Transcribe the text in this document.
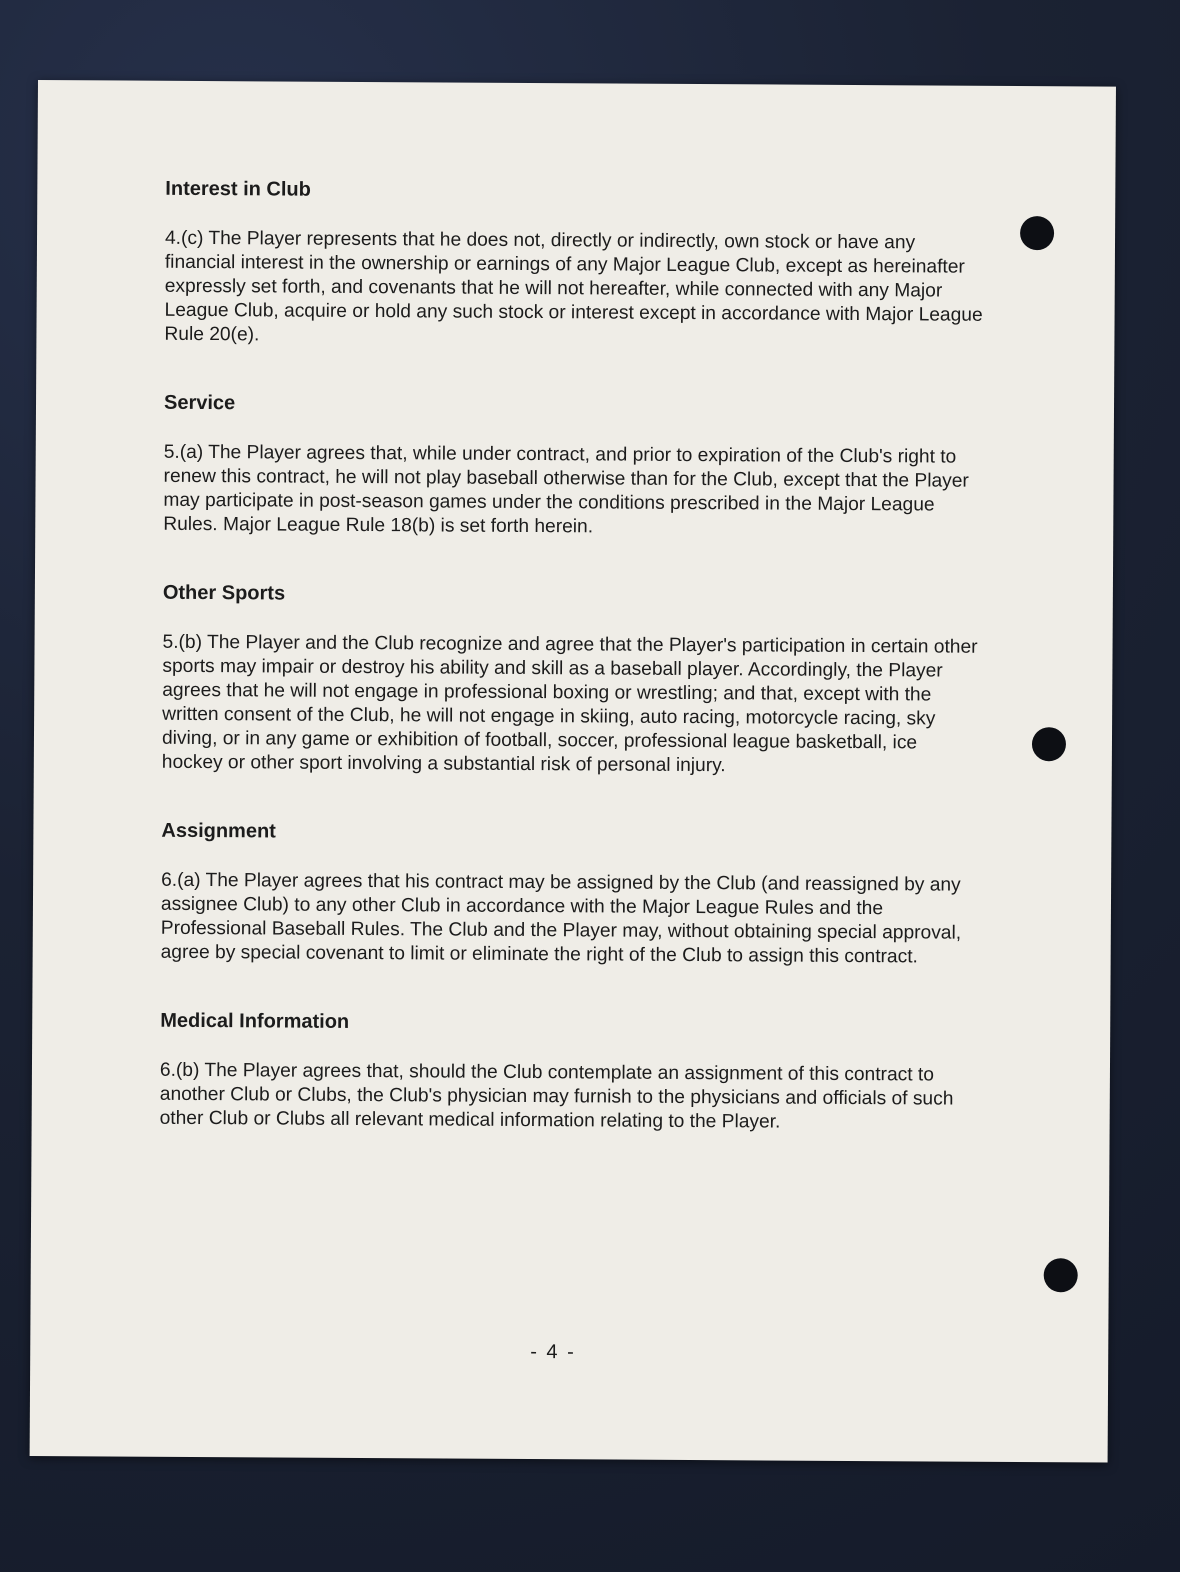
Interest in Club

4.(c) The Player represents that he does not, directly or indirectly, own stock or have any financial interest in the ownership or earnings of any Major League Club, except as hereinafter expressly set forth, and covenants that he will not hereafter, while connected with any Major League Club, acquire or hold any such stock or interest except in accordance with Major League Rule 20(e).

Service

5.(a) The Player agrees that, while under contract, and prior to expiration of the Club's right to renew this contract, he will not play baseball otherwise than for the Club, except that the Player may participate in post-season games under the conditions prescribed in the Major League Rules. Major League Rule 18(b) is set forth herein.

Other Sports

5.(b) The Player and the Club recognize and agree that the Player's participation in certain other sports may impair or destroy his ability and skill as a baseball player. Accordingly, the Player agrees that he will not engage in professional boxing or wrestling; and that, except with the written consent of the Club, he will not engage in skiing, auto racing, motorcycle racing, sky diving, or in any game or exhibition of football, soccer, professional league basketball, ice hockey or other sport involving a substantial risk of personal injury.

Assignment

6.(a) The Player agrees that his contract may be assigned by the Club (and reassigned by any assignee Club) to any other Club in accordance with the Major League Rules and the Professional Baseball Rules. The Club and the Player may, without obtaining special approval, agree by special covenant to limit or eliminate the right of the Club to assign this contract.

Medical Information

6.(b) The Player agrees that, should the Club contemplate an assignment of this contract to another Club or Clubs, the Club's physician may furnish to the physicians and officials of such other Club or Clubs all relevant medical information relating to the Player.

- 4 -
